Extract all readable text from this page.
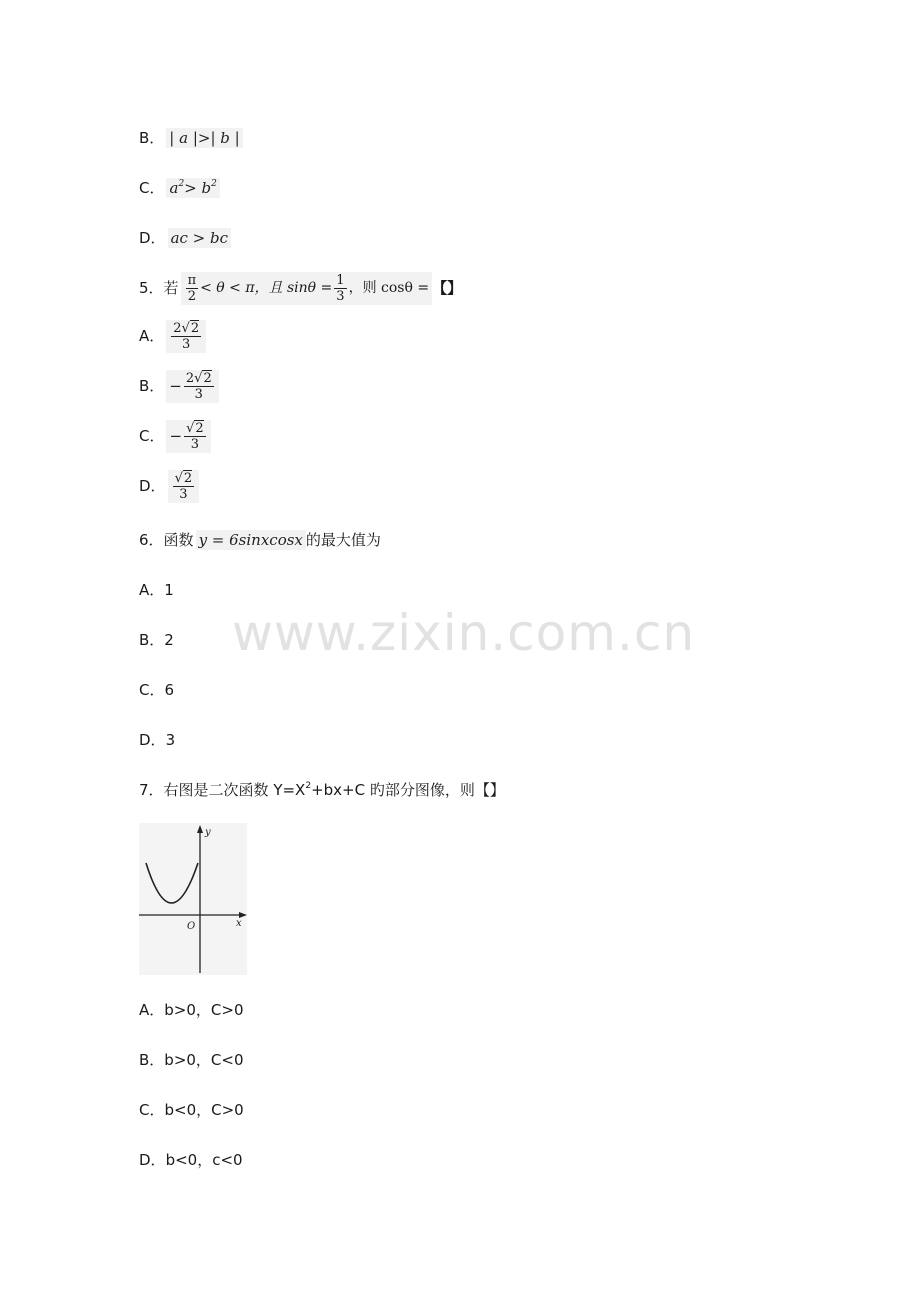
www.zixin.com.cn
B． | a |>| b |
C． a 2 > b 2
D． ac > bc
5． 若 $\frac{\pi}{2} < \theta < \pi$，且 $\sin\theta = \frac{1}{3}$ ，则 cosθ = 【】
A． $\frac{2√2}{3}$
B． − $\frac{2√2}{3}$
C． − $\frac{√2}{3}$
D． $\frac{√2}{3}$
6． 函数 y = 6sinxcosx 的最大值为
A． 1
B． 2
C． 6
D． 3
7． 右图是二次函数 Y=X 2 +bx+C 旳部分图像，则【】
y
x
O
A． b>0，C>0
B． b>0，C<0
C． b<0，C>0
D． b<0，c<0
